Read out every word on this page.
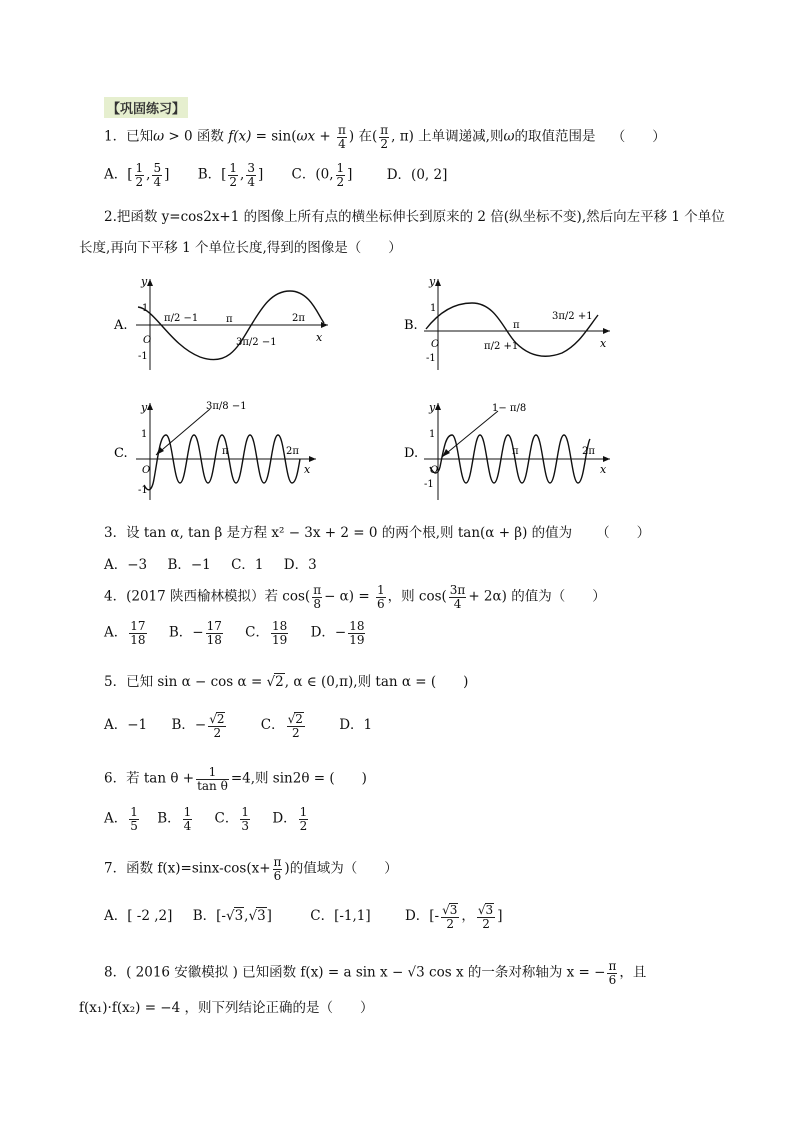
【巩固练习】
1．已知ω > 0 函数 $f(x) = \sin(\omega x + \frac{\pi}{4}$ ) 在( $\frac{\pi}{2}$ , π) 上单调递减,则ω的取值范围是 （　　）
A．[ $\frac{1}{2}$ , $\frac{5}{4}$ ] B．[ $\frac{1}{2}$ , $\frac{3}{4}$ ] C．(0, $\frac{1}{2}$ ]	D．(0, 2]
2.把函数 y=cos2x+1 的图像上所有点的横坐标伸长到原来的 2 倍(纵坐标不变),然后向左平移 1 个单位
长度,再向下平移 1 个单位长度,得到的图像是（　　）
A.
y
x
O
1
-1
π/2 −1	π	2π
3π/2 −1
B.
y
x
O
1
-1
π
3π/2 +1
π/2 +1
C.
y
x
O
1
-1
3π/8 −1
π	2π	D.
y
x
O
1
-1
1− π/8
π	2π
3．设 tan α, tan β 是方程 x² − 3x + 2 = 0 的两个根,则 tan(α + β) 的值为 （　　）
A．−3 B．−1 C．1 D．3
4．(2017 陕西榆林模拟）若 $\cos( \frac{\pi}{8} - \alpha) = \frac{1}{6}$ ，则 $\cos( \frac{3\pi}{4} + 2\alpha)$ 的值为（　　）
A． $\frac{17}{18}$ B．− $\frac{17}{18}$ C． $\frac{18}{19}$ D．− $\frac{18}{19}$
5．已知 sin α − cos α = √2, α ∈ (0,π),则 tan α = (　　)
A．−1 B．− $\frac{√2}{2}$	C． $\frac{√2}{2}$	D．1
6．若 $\tan \theta + \frac{1}{\text{tan θ}} =4$,则 sin2θ = (　　)
A． $\frac{1}{5}$ B． $\frac{1}{4}$ C． $\frac{1}{3}$ D． $\frac{1}{2}$
7．函数 $f(x)=\sin x-\cos(x+ \frac{\pi}{6}$ )的值域为（　　）
A．[ -2 ,2] B．[-√3,√3]	C．[-1,1]	D．[- $\frac{√3}{2}$ ， $\frac{√3}{2}$ ]
8．( 2016 安徽模拟 ) 已知函数 f(x) = a sin x − √3 cos x 的一条对称轴为 x = − $\frac{\pi}{6}$ ，且
f(x₁)·f(x₂) = −4 ，则下列结论正确的是（　　）
